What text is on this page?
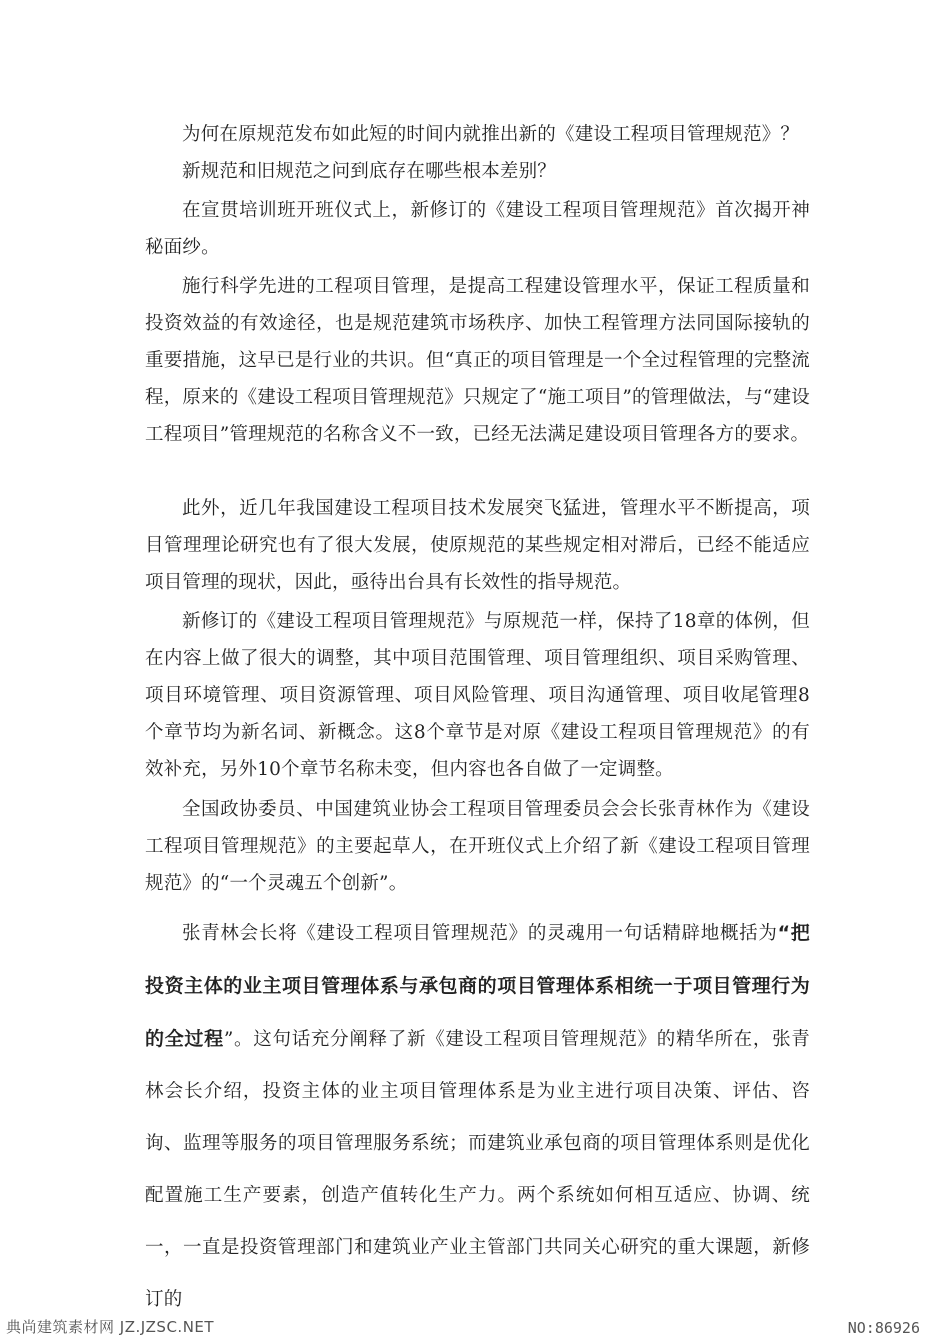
为何在原规范发布如此短的时间内就推出新的《建设工程项目管理规范》？

新规范和旧规范之问到底存在哪些根本差别？

在宣贯培训班开班仪式上，新修订的《建设工程项目管理规范》首次揭开神秘面纱。

施行科学先进的工程项目管理，是提高工程建设管理水平，保证工程质量和投资效益的有效途径，也是规范建筑市场秩序、加快工程管理方法同国际接轨的重要措施，这早已是行业的共识。但“真正的项目管理是一个全过程管理的完整流程，原来的《建设工程项目管理规范》只规定了“施工项目”的管理做法，与“建设工程项目”管理规范的名称含义不一致，已经无法满足建设项目管理各方的要求。

此外，近几年我国建设工程项目技术发展突飞猛进，管理水平不断提高，项目管理理论研究也有了很大发展，使原规范的某些规定相对滞后，已经不能适应项目管理的现状，因此，亟待出台具有长效性的指导规范。

新修订的《建设工程项目管理规范》与原规范一样，保持了18章的体例，但在内容上做了很大的调整，其中项目范围管理、项目管理组织、项目采购管理、项目环境管理、项目资源管理、项目风险管理、项目沟通管理、项目收尾管理8个章节均为新名词、新概念。这8个章节是对原《建设工程项目管理规范》的有效补充，另外10个章节名称未变，但内容也各自做了一定调整。

全国政协委员、中国建筑业协会工程项目管理委员会会长张青林作为《建设工程项目管理规范》的主要起草人，在开班仪式上介绍了新《建设工程项目管理规范》的“一个灵魂五个创新”。

张青林会长将《建设工程项目管理规范》的灵魂用一句话精辟地概括为“把投资主体的业主项目管理体系与承包商的项目管理体系相统一于项目管理行为的全过程”。这句话充分阐释了新《建设工程项目管理规范》的精华所在，张青林会长介绍，投资主体的业主项目管理体系是为业主进行项目决策、评估、咨询、监理等服务的项目管理服务系统；而建筑业承包商的项目管理体系则是优化配置施工生产要素，创造产值转化生产力。两个系统如何相互适应、协调、统一，一直是投资管理部门和建筑业产业主管部门共同关心研究的重大课题，新修订的

典尚建筑素材网 JZ.JZSC.NET	NO:86926
